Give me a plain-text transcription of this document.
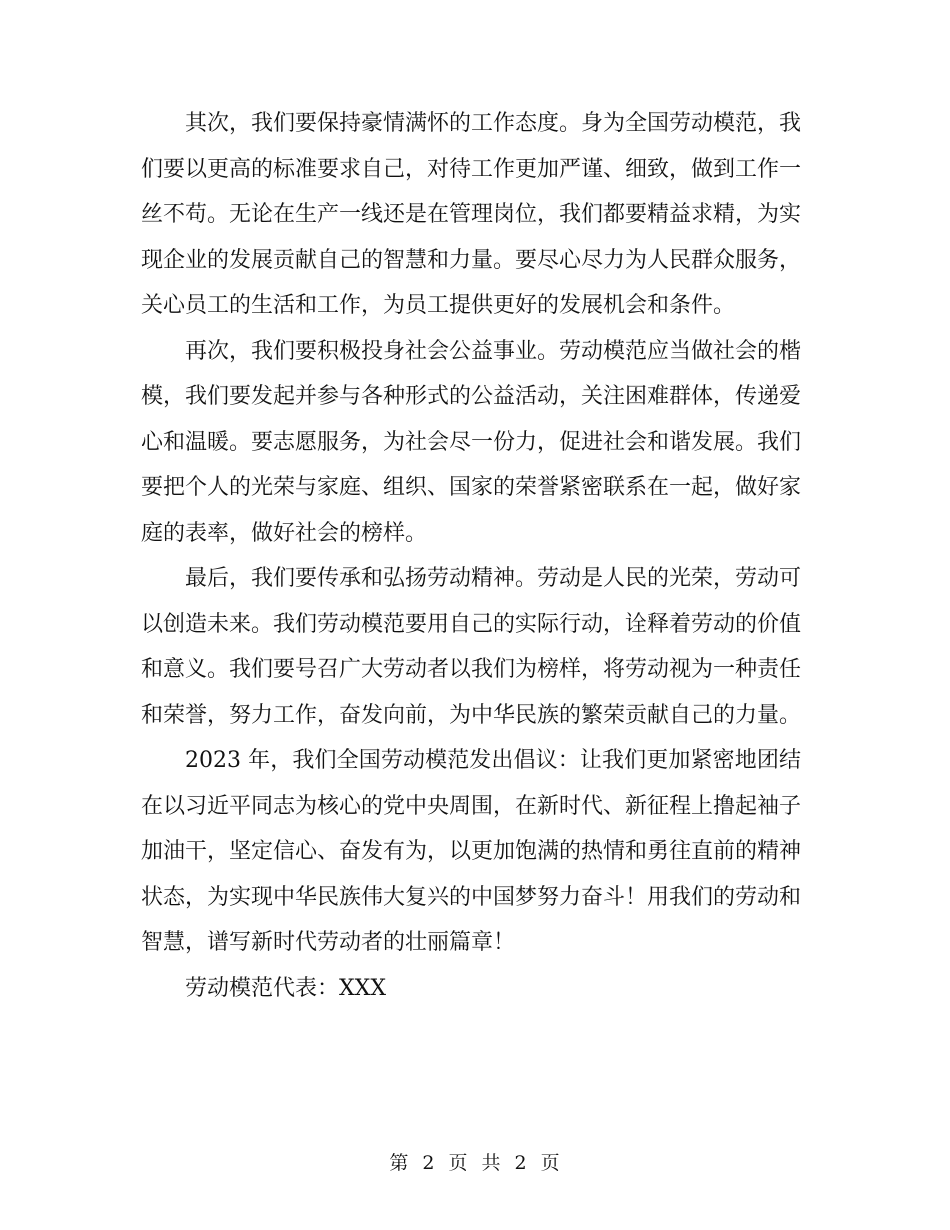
其次，我们要保持豪情满怀的工作态度。身为全国劳动模范，我们要以更高的标准要求自己，对待工作更加严谨、细致，做到工作一丝不苟。无论在生产一线还是在管理岗位，我们都要精益求精，为实现企业的发展贡献自己的智慧和力量。要尽心尽力为人民群众服务，关心员工的生活和工作，为员工提供更好的发展机会和条件。

再次，我们要积极投身社会公益事业。劳动模范应当做社会的楷模，我们要发起并参与各种形式的公益活动，关注困难群体，传递爱心和温暖。要志愿服务，为社会尽一份力，促进社会和谐发展。我们要把个人的光荣与家庭、组织、国家的荣誉紧密联系在一起，做好家庭的表率，做好社会的榜样。

最后，我们要传承和弘扬劳动精神。劳动是人民的光荣，劳动可以创造未来。我们劳动模范要用自己的实际行动，诠释着劳动的价值和意义。我们要号召广大劳动者以我们为榜样，将劳动视为一种责任和荣誉，努力工作，奋发向前，为中华民族的繁荣贡献自己的力量。

2023 年，我们全国劳动模范发出倡议：让我们更加紧密地团结在以习近平同志为核心的党中央周围，在新时代、新征程上撸起袖子加油干，坚定信心、奋发有为，以更加饱满的热情和勇往直前的精神状态，为实现中华民族伟大复兴的中国梦努力奋斗！用我们的劳动和智慧，谱写新时代劳动者的壮丽篇章！

劳动模范代表：XXX

第 2 页 共 2 页
